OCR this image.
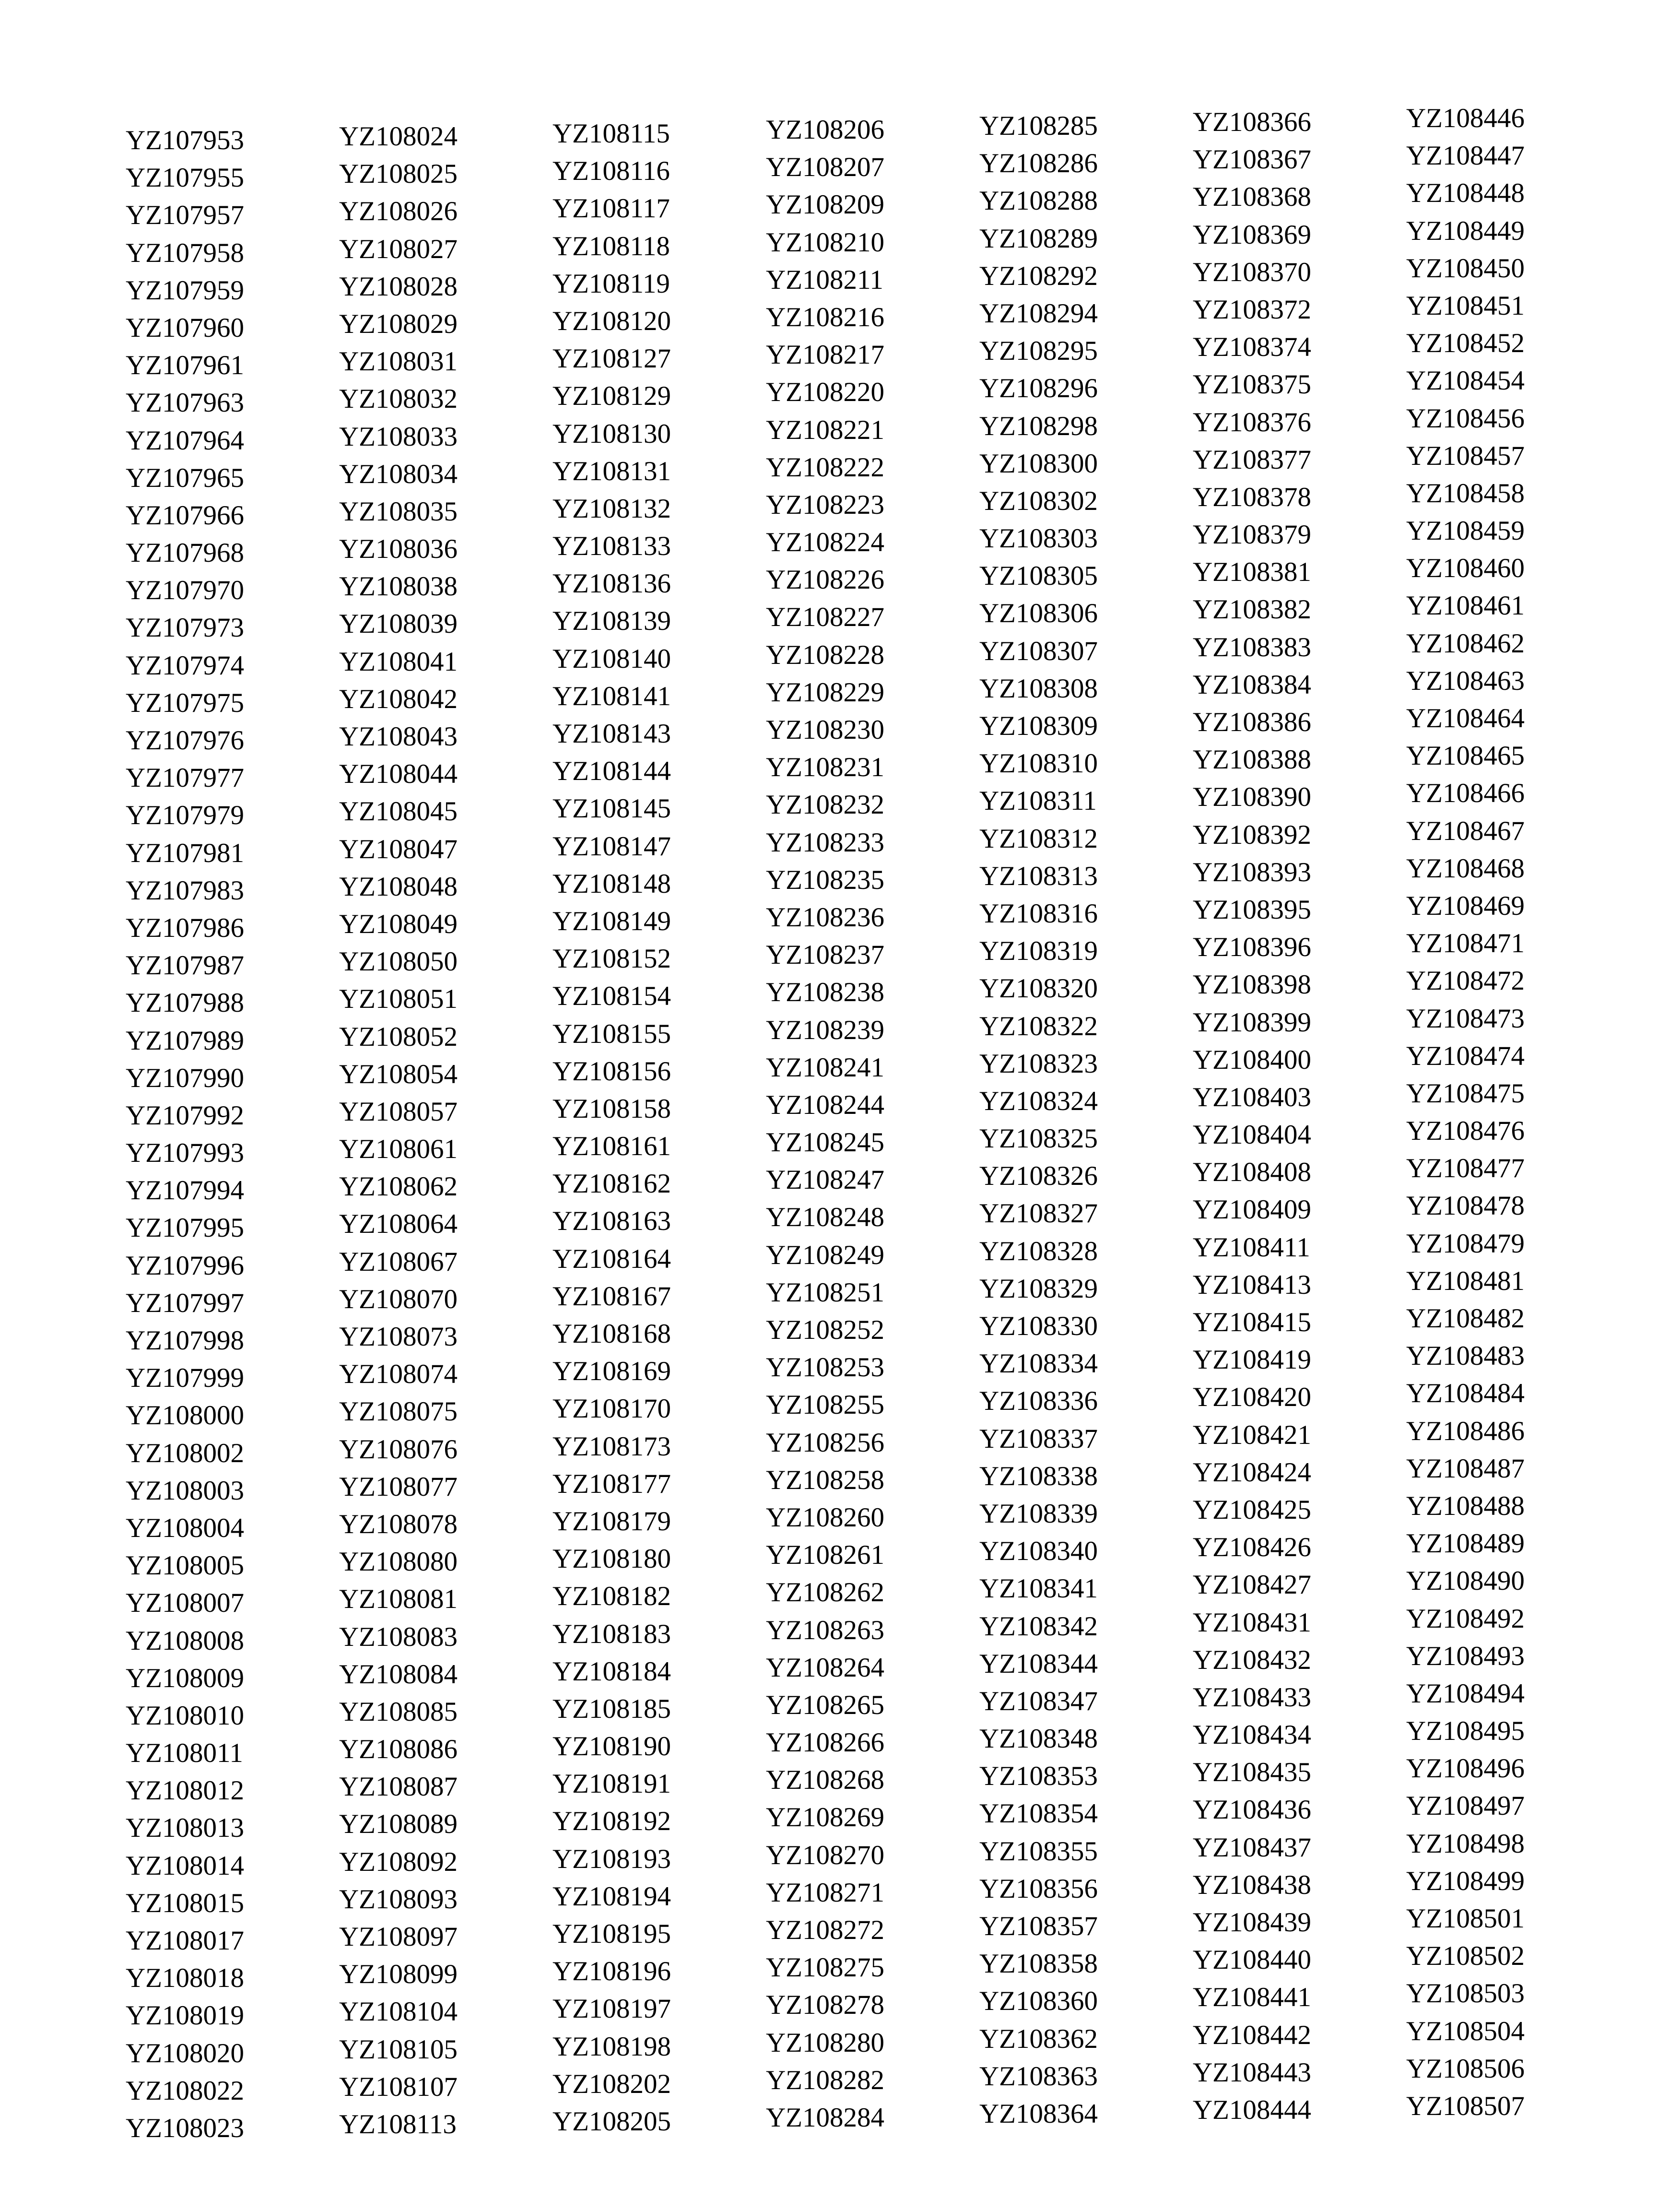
YZ107953
YZ107955
YZ107957
YZ107958
YZ107959
YZ107960
YZ107961
YZ107963
YZ107964
YZ107965
YZ107966
YZ107968
YZ107970
YZ107973
YZ107974
YZ107975
YZ107976
YZ107977
YZ107979
YZ107981
YZ107983
YZ107986
YZ107987
YZ107988
YZ107989
YZ107990
YZ107992
YZ107993
YZ107994
YZ107995
YZ107996
YZ107997
YZ107998
YZ107999
YZ108000
YZ108002
YZ108003
YZ108004
YZ108005
YZ108007
YZ108008
YZ108009
YZ108010
YZ108011
YZ108012
YZ108013
YZ108014
YZ108015
YZ108017
YZ108018
YZ108019
YZ108020
YZ108022
YZ108023
YZ108024
YZ108025
YZ108026
YZ108027
YZ108028
YZ108029
YZ108031
YZ108032
YZ108033
YZ108034
YZ108035
YZ108036
YZ108038
YZ108039
YZ108041
YZ108042
YZ108043
YZ108044
YZ108045
YZ108047
YZ108048
YZ108049
YZ108050
YZ108051
YZ108052
YZ108054
YZ108057
YZ108061
YZ108062
YZ108064
YZ108067
YZ108070
YZ108073
YZ108074
YZ108075
YZ108076
YZ108077
YZ108078
YZ108080
YZ108081
YZ108083
YZ108084
YZ108085
YZ108086
YZ108087
YZ108089
YZ108092
YZ108093
YZ108097
YZ108099
YZ108104
YZ108105
YZ108107
YZ108113
YZ108115
YZ108116
YZ108117
YZ108118
YZ108119
YZ108120
YZ108127
YZ108129
YZ108130
YZ108131
YZ108132
YZ108133
YZ108136
YZ108139
YZ108140
YZ108141
YZ108143
YZ108144
YZ108145
YZ108147
YZ108148
YZ108149
YZ108152
YZ108154
YZ108155
YZ108156
YZ108158
YZ108161
YZ108162
YZ108163
YZ108164
YZ108167
YZ108168
YZ108169
YZ108170
YZ108173
YZ108177
YZ108179
YZ108180
YZ108182
YZ108183
YZ108184
YZ108185
YZ108190
YZ108191
YZ108192
YZ108193
YZ108194
YZ108195
YZ108196
YZ108197
YZ108198
YZ108202
YZ108205
YZ108206
YZ108207
YZ108209
YZ108210
YZ108211
YZ108216
YZ108217
YZ108220
YZ108221
YZ108222
YZ108223
YZ108224
YZ108226
YZ108227
YZ108228
YZ108229
YZ108230
YZ108231
YZ108232
YZ108233
YZ108235
YZ108236
YZ108237
YZ108238
YZ108239
YZ108241
YZ108244
YZ108245
YZ108247
YZ108248
YZ108249
YZ108251
YZ108252
YZ108253
YZ108255
YZ108256
YZ108258
YZ108260
YZ108261
YZ108262
YZ108263
YZ108264
YZ108265
YZ108266
YZ108268
YZ108269
YZ108270
YZ108271
YZ108272
YZ108275
YZ108278
YZ108280
YZ108282
YZ108284
YZ108285
YZ108286
YZ108288
YZ108289
YZ108292
YZ108294
YZ108295
YZ108296
YZ108298
YZ108300
YZ108302
YZ108303
YZ108305
YZ108306
YZ108307
YZ108308
YZ108309
YZ108310
YZ108311
YZ108312
YZ108313
YZ108316
YZ108319
YZ108320
YZ108322
YZ108323
YZ108324
YZ108325
YZ108326
YZ108327
YZ108328
YZ108329
YZ108330
YZ108334
YZ108336
YZ108337
YZ108338
YZ108339
YZ108340
YZ108341
YZ108342
YZ108344
YZ108347
YZ108348
YZ108353
YZ108354
YZ108355
YZ108356
YZ108357
YZ108358
YZ108360
YZ108362
YZ108363
YZ108364
YZ108366
YZ108367
YZ108368
YZ108369
YZ108370
YZ108372
YZ108374
YZ108375
YZ108376
YZ108377
YZ108378
YZ108379
YZ108381
YZ108382
YZ108383
YZ108384
YZ108386
YZ108388
YZ108390
YZ108392
YZ108393
YZ108395
YZ108396
YZ108398
YZ108399
YZ108400
YZ108403
YZ108404
YZ108408
YZ108409
YZ108411
YZ108413
YZ108415
YZ108419
YZ108420
YZ108421
YZ108424
YZ108425
YZ108426
YZ108427
YZ108431
YZ108432
YZ108433
YZ108434
YZ108435
YZ108436
YZ108437
YZ108438
YZ108439
YZ108440
YZ108441
YZ108442
YZ108443
YZ108444
YZ108446
YZ108447
YZ108448
YZ108449
YZ108450
YZ108451
YZ108452
YZ108454
YZ108456
YZ108457
YZ108458
YZ108459
YZ108460
YZ108461
YZ108462
YZ108463
YZ108464
YZ108465
YZ108466
YZ108467
YZ108468
YZ108469
YZ108471
YZ108472
YZ108473
YZ108474
YZ108475
YZ108476
YZ108477
YZ108478
YZ108479
YZ108481
YZ108482
YZ108483
YZ108484
YZ108486
YZ108487
YZ108488
YZ108489
YZ108490
YZ108492
YZ108493
YZ108494
YZ108495
YZ108496
YZ108497
YZ108498
YZ108499
YZ108501
YZ108502
YZ108503
YZ108504
YZ108506
YZ108507
